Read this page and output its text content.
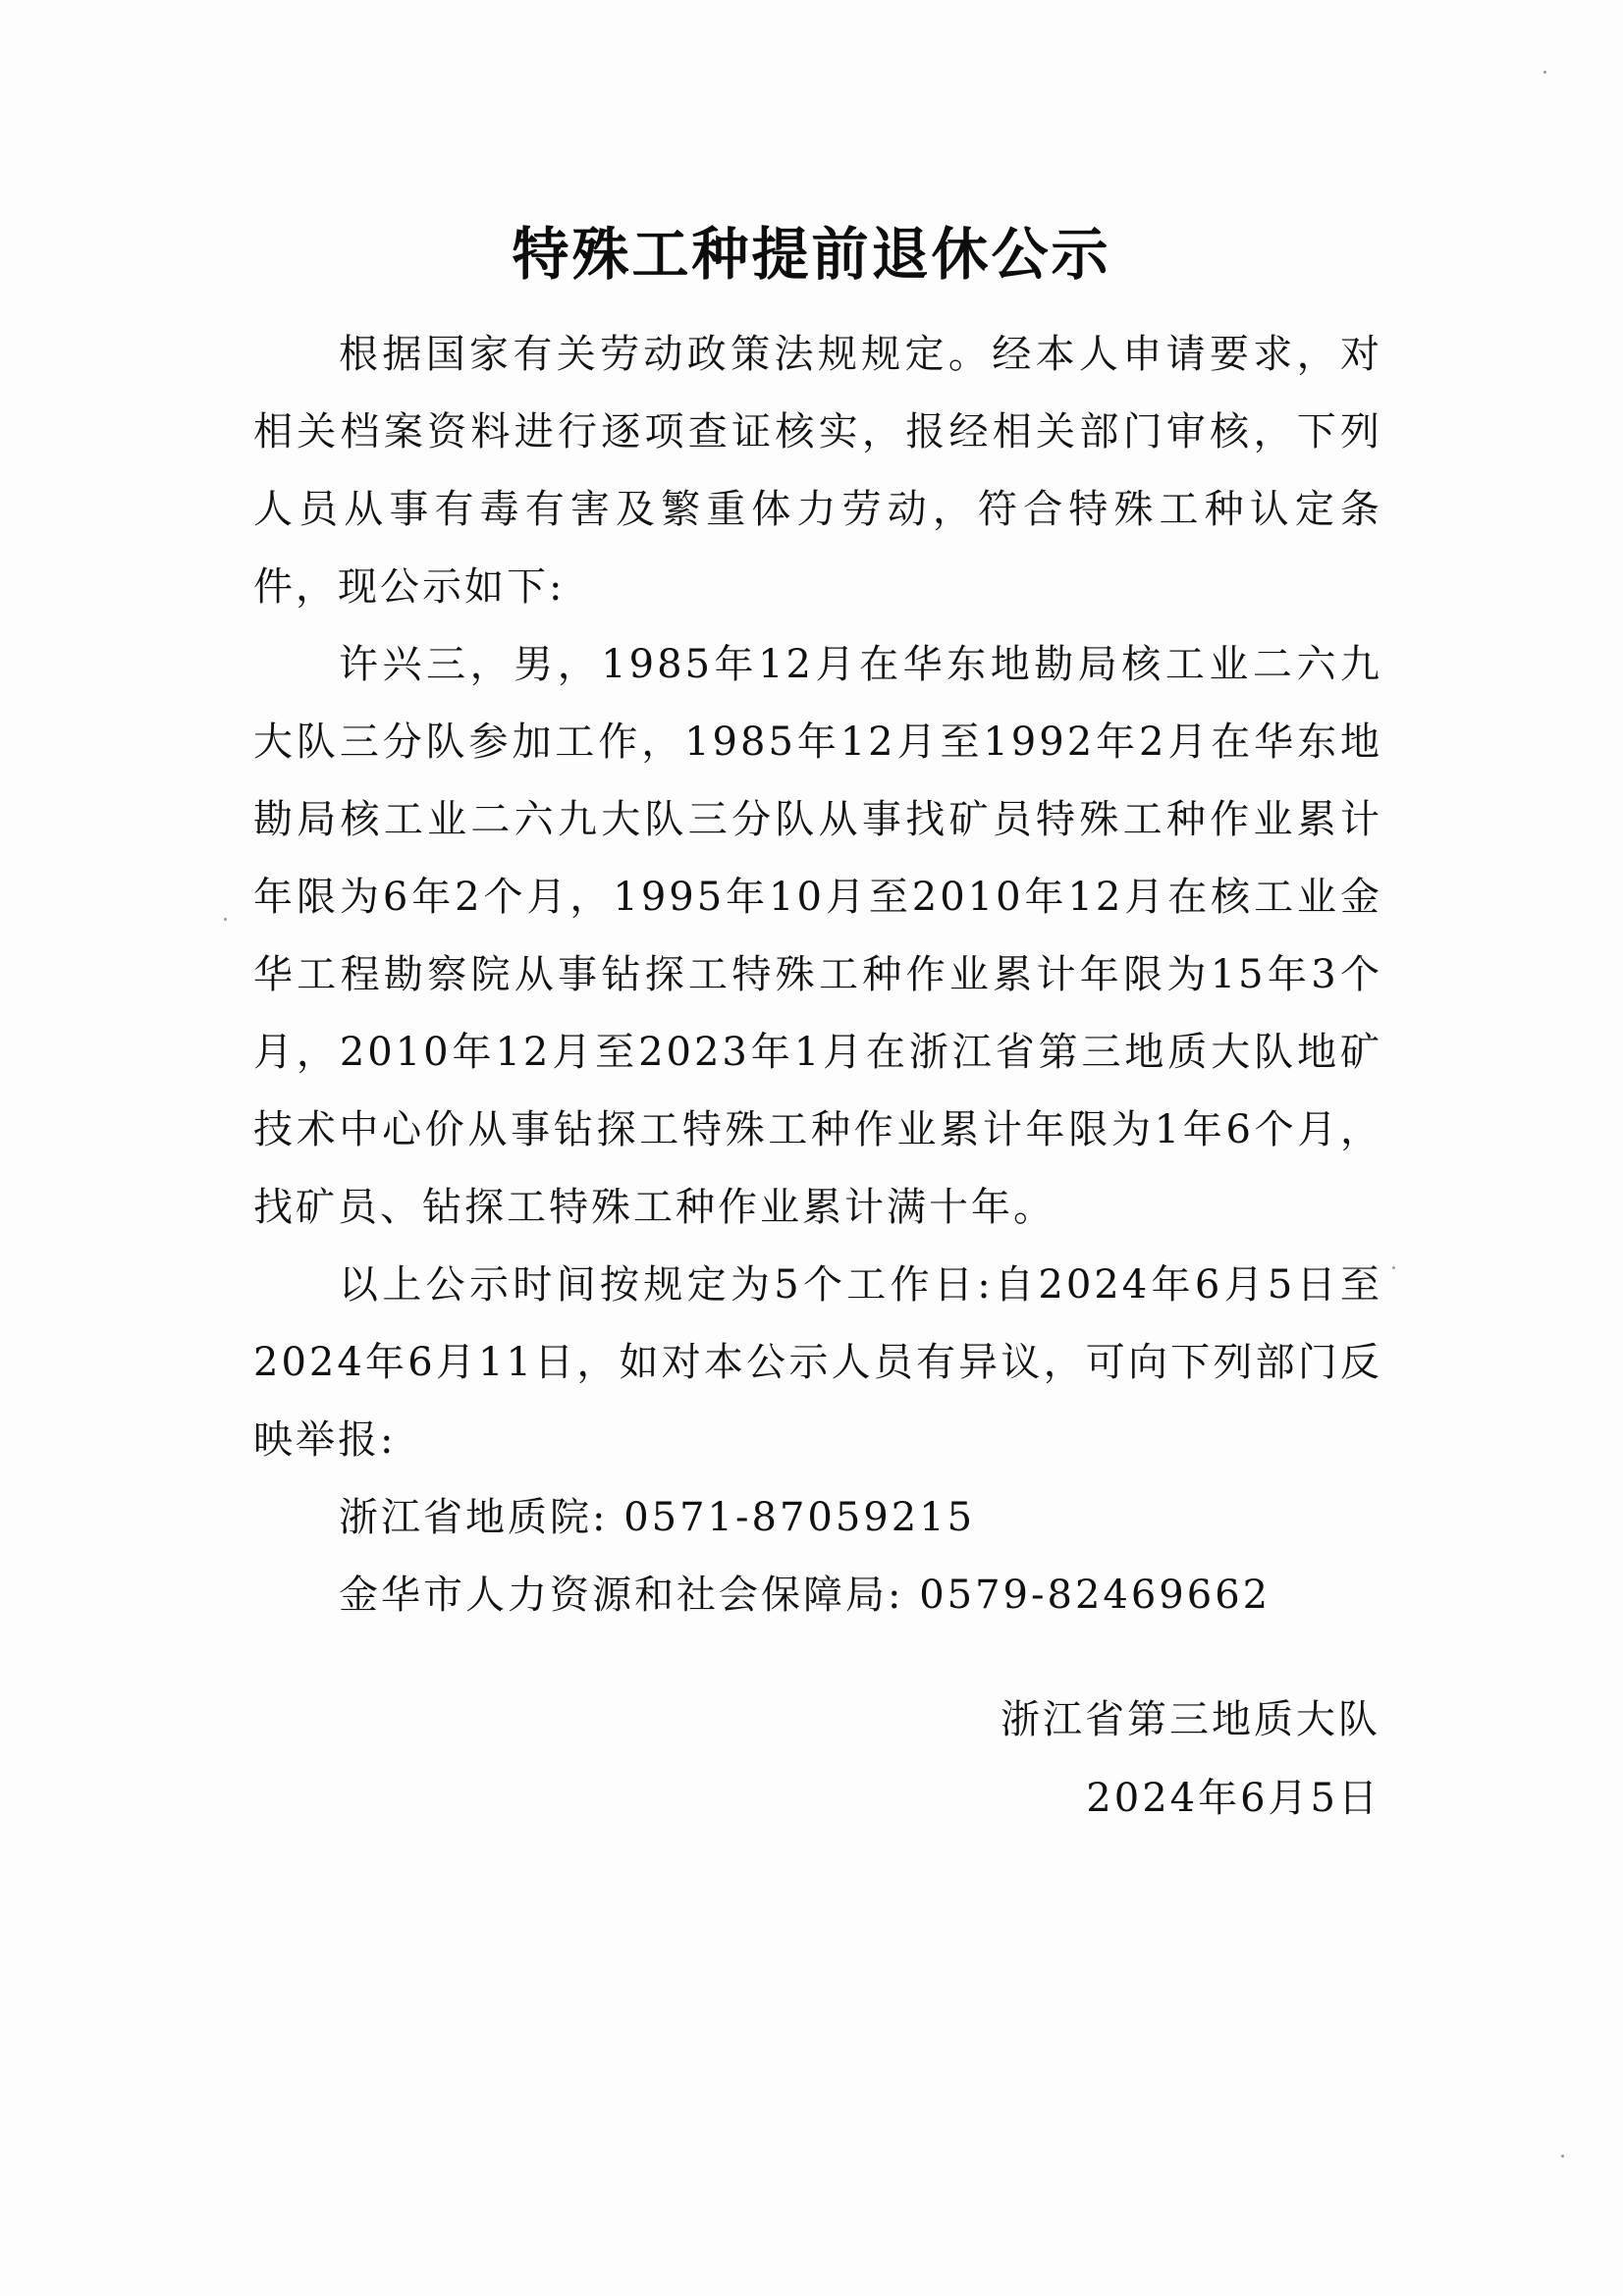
特殊工种提前退休公示

根据国家有关劳动政策法规规定。经本人申请要求，对相关档案资料进行逐项查证核实，报经相关部门审核，下列人员从事有毒有害及繁重体力劳动，符合特殊工种认定条件，现公示如下:

许兴三，男，1985年12月在华东地勘局核工业二六九大队三分队参加工作，1985年12月至1992年2月在华东地勘局核工业二六九大队三分队从事找矿员特殊工种作业累计年限为6年2个月，1995年10月至2010年12月在核工业金华工程勘察院从事钻探工特殊工种作业累计年限为15年3个月，2010年12月至2023年1月在浙江省第三地质大队地矿技术中心价从事钻探工特殊工种作业累计年限为1年6个月，找矿员、钻探工特殊工种作业累计满十年。

以上公示时间按规定为5个工作日:自2024年6月5日至2024年6月11日，如对本公示人员有异议，可向下列部门反映举报:

浙江省地质院: 0571-87059215

金华市人力资源和社会保障局: 0579-82469662

浙江省第三地质大队
2024年6月5日
